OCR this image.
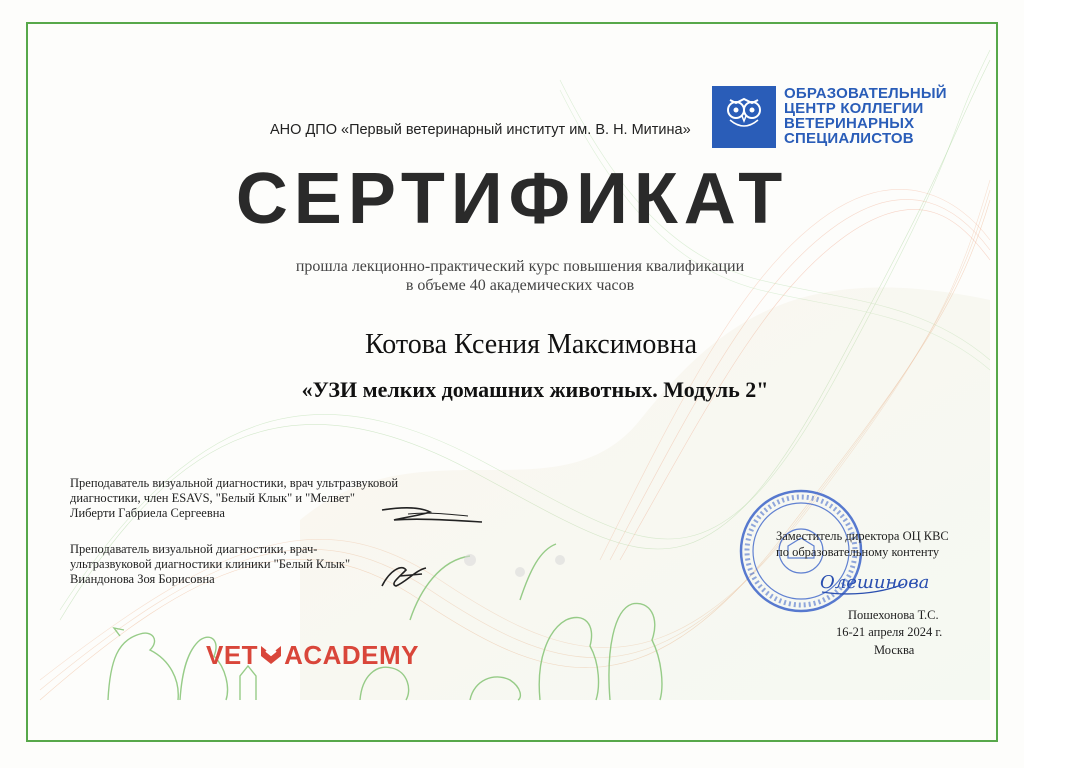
АНО ДПО «Первый ветеринарный институт им. В. Н. Митина»
ОБРАЗОВАТЕЛЬНЫЙ
ЦЕНТР КОЛЛЕГИИ
ВЕТЕРИНАРНЫХ
СПЕЦИАЛИСТОВ
СЕРТИФИКАТ
прошла лекционно-практический курс повышения квалификации
в объеме 40 академических часов
Котова Ксения Максимовна
«УЗИ мелких домашних животных. Модуль 2"
Преподаватель визуальной диагностики, врач ультразвуковой
диагностики, член ESAVS, "Белый Клык" и "Мелвет"
Либерти Габриела Сергеевна
Преподаватель визуальной диагностики, врач-
ультразвуковой диагностики клиники "Белый Клык"
Виандонова Зоя Борисовна
Заместитель директора ОЦ КВС
по образовательному контенту
Олешинова
Пошехонова Т.С.
16-21 апреля 2024 г.
Москва
VET ACADEMY
